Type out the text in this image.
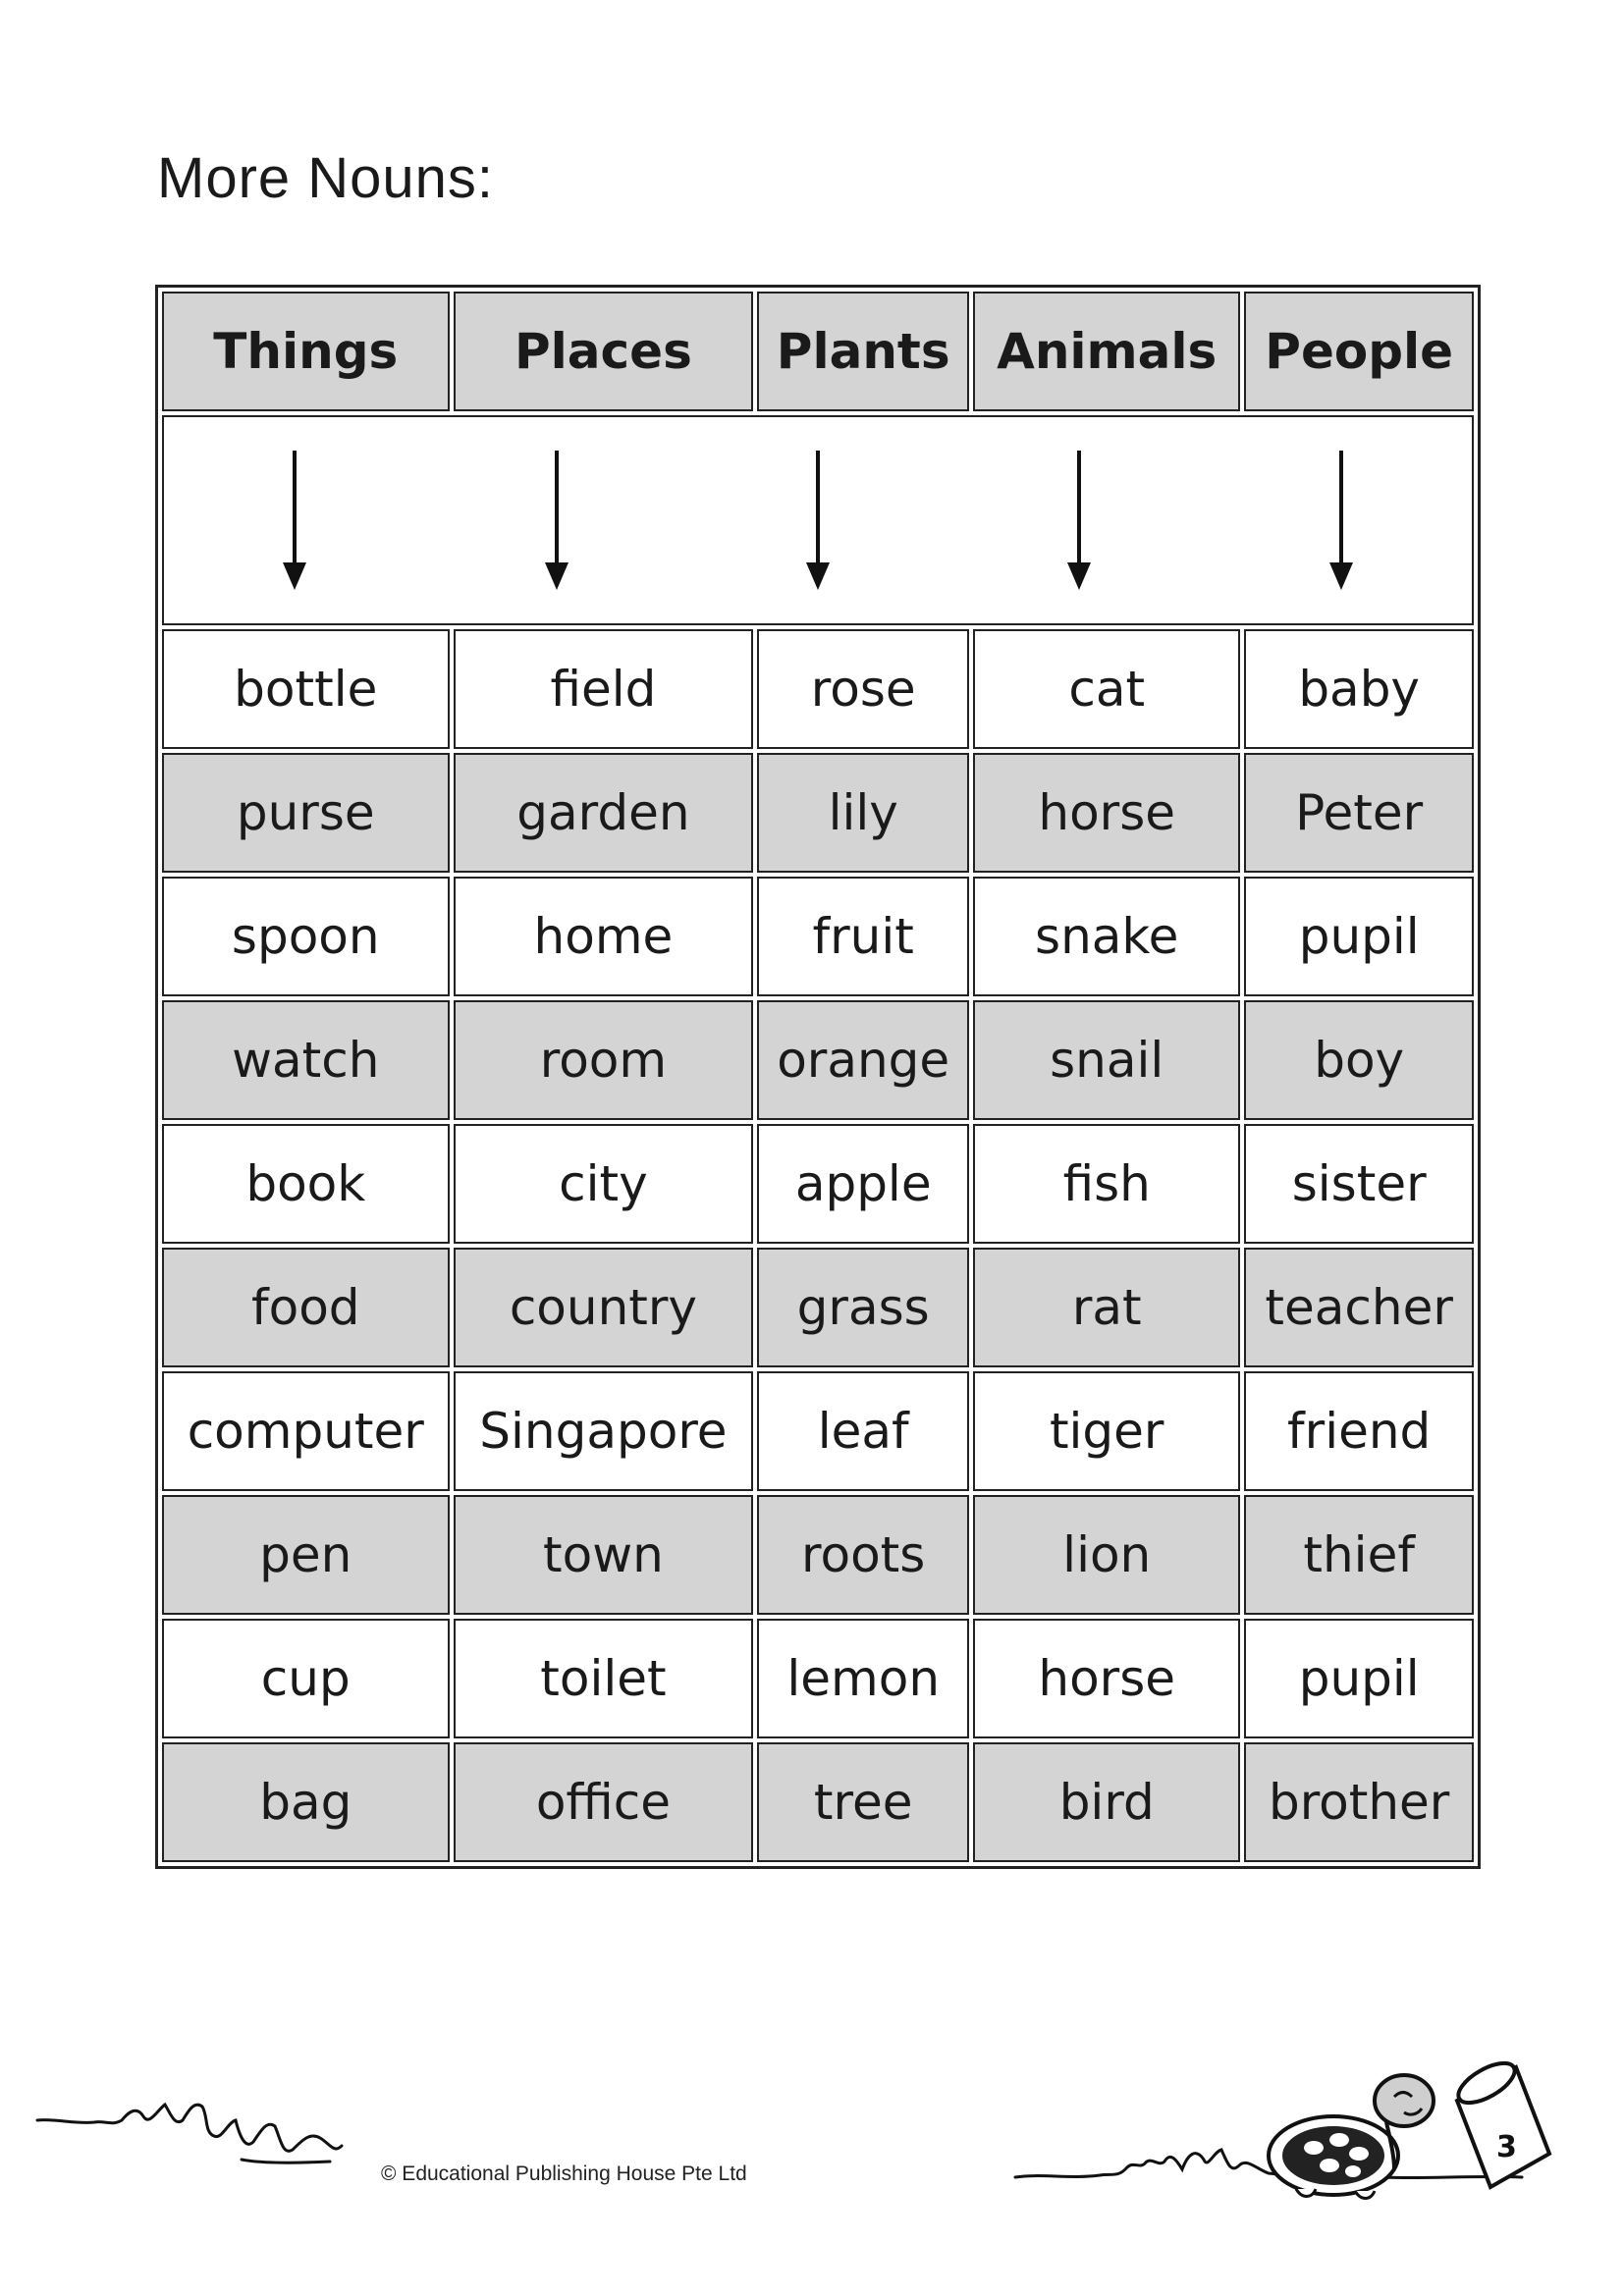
More Nouns:
Things	Places	Plants	Animals	People

bottle	field	rose	cat	baby
purse	garden	lily	horse	Peter
spoon	home	fruit	snake	pupil
watch	room	orange	snail	boy
book	city	apple	fish	sister
food	country	grass	rat	teacher
computer	Singapore	leaf	tiger	friend
pen	town	roots	lion	thief
cup	toilet	lemon	horse	pupil
bag	office	tree	bird	brother
© Educational Publishing House Pte Ltd
3
